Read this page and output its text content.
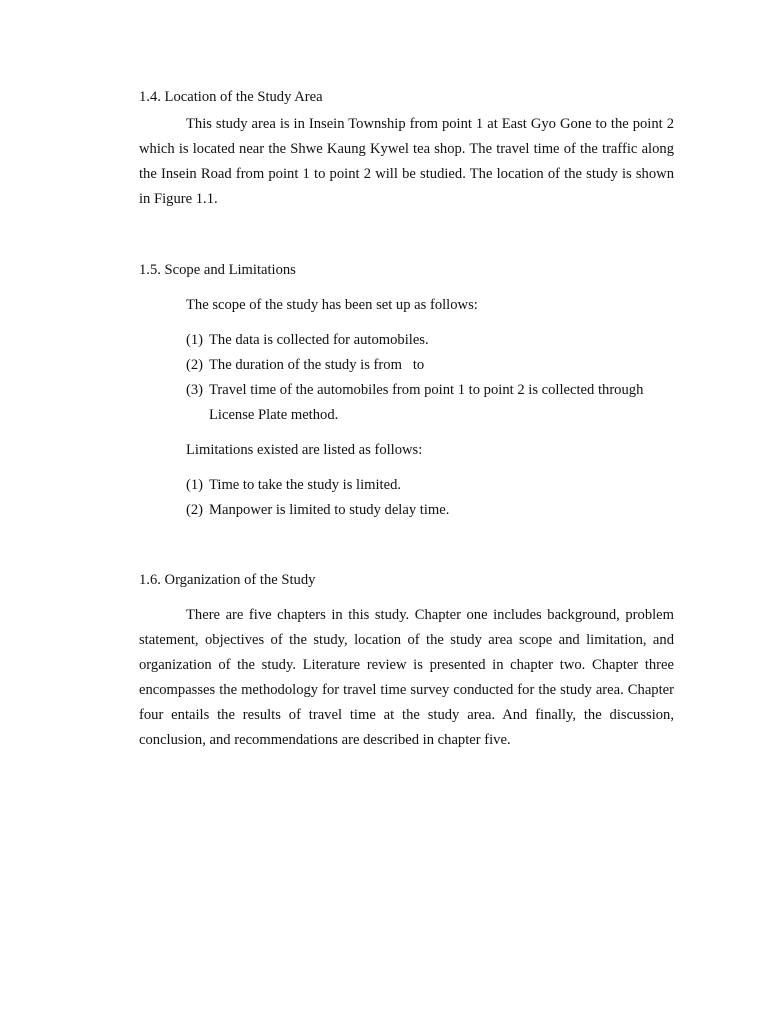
1.4. Location of the Study Area

This study area is in Insein Township from point 1 at East Gyo Gone to the point 2 which is located near the Shwe Kaung Kywel tea shop. The travel time of the traffic along the Insein Road from point 1 to point 2 will be studied. The location of the study is shown in Figure 1.1.

1.5. Scope and Limitations

The scope of the study has been set up as follows:

(1) The data is collected for automobiles.
(2) The duration of the study is from   to
(3) Travel time of the automobiles from point 1 to point 2 is collected through License Plate method.

Limitations existed are listed as follows:

(1) Time to take the study is limited.
(2) Manpower is limited to study delay time.
1.6. Organization of the Study

There are five chapters in this study. Chapter one includes background, problem statement, objectives of the study, location of the study area scope and limitation, and organization of the study. Literature review is presented in chapter two. Chapter three encompasses the methodology for travel time survey conducted for the study area. Chapter four entails the results of travel time at the study area. And finally, the discussion, conclusion, and recommendations are described in chapter five.
